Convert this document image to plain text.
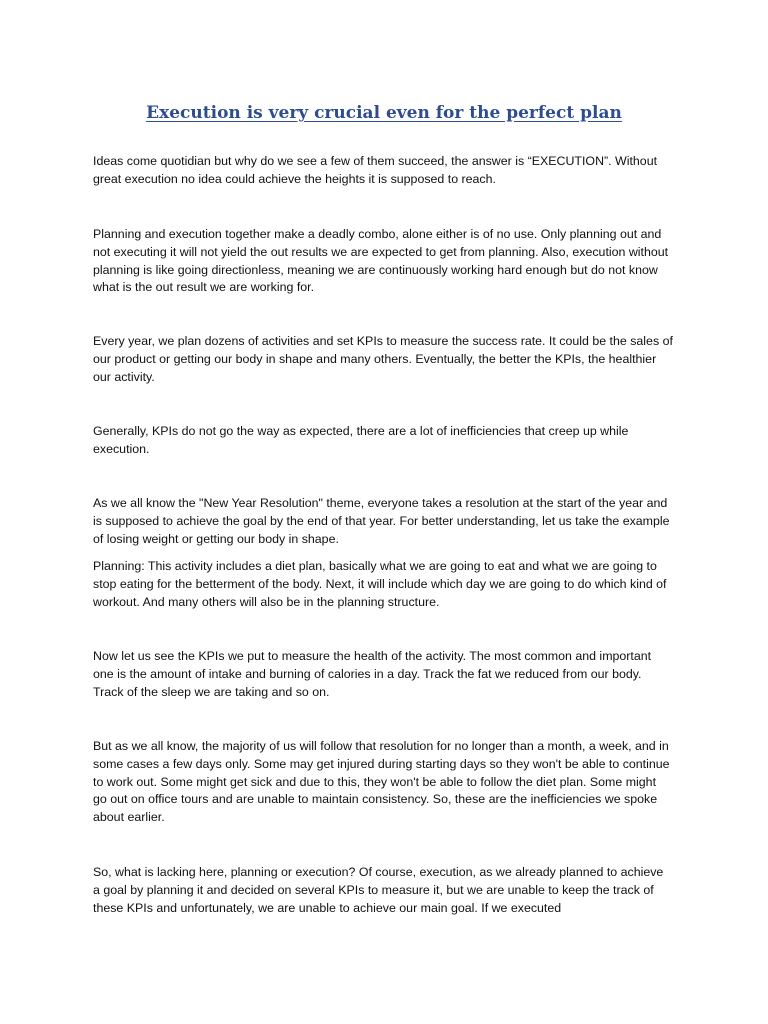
Execution is very crucial even for the perfect plan

Ideas come quotidian but why do we see a few of them succeed, the answer is “EXECUTION”. Without great execution no idea could achieve the heights it is supposed to reach.

Planning and execution together make a deadly combo, alone either is of no use. Only planning out and not executing it will not yield the out results we are expected to get from planning. Also, execution without planning is like going directionless, meaning we are continuously working hard enough but do not know what is the out result we are working for.

Every year, we plan dozens of activities and set KPIs to measure the success rate. It could be the sales of our product or getting our body in shape and many others. Eventually, the better the KPIs, the healthier our activity.

Generally, KPIs do not go the way as expected, there are a lot of inefficiencies that creep up while execution.

As we all know the "New Year Resolution" theme, everyone takes a resolution at the start of the year and is supposed to achieve the goal by the end of that year. For better understanding, let us take the example of losing weight or getting our body in shape.

Planning: This activity includes a diet plan, basically what we are going to eat and what we are going to stop eating for the betterment of the body. Next, it will include which day we are going to do which kind of workout. And many others will also be in the planning structure.

Now let us see the KPIs we put to measure the health of the activity. The most common and important one is the amount of intake and burning of calories in a day. Track the fat we reduced from our body. Track of the sleep we are taking and so on.

But as we all know, the majority of us will follow that resolution for no longer than a month, a week, and in some cases a few days only. Some may get injured during starting days so they won't be able to continue to work out. Some might get sick and due to this, they won't be able to follow the diet plan. Some might go out on office tours and are unable to maintain consistency. So, these are the inefficiencies we spoke about earlier.

So, what is lacking here, planning or execution? Of course, execution, as we already planned to achieve a goal by planning it and decided on several KPIs to measure it, but we are unable to keep the track of these KPIs and unfortunately, we are unable to achieve our main goal. If we executed
